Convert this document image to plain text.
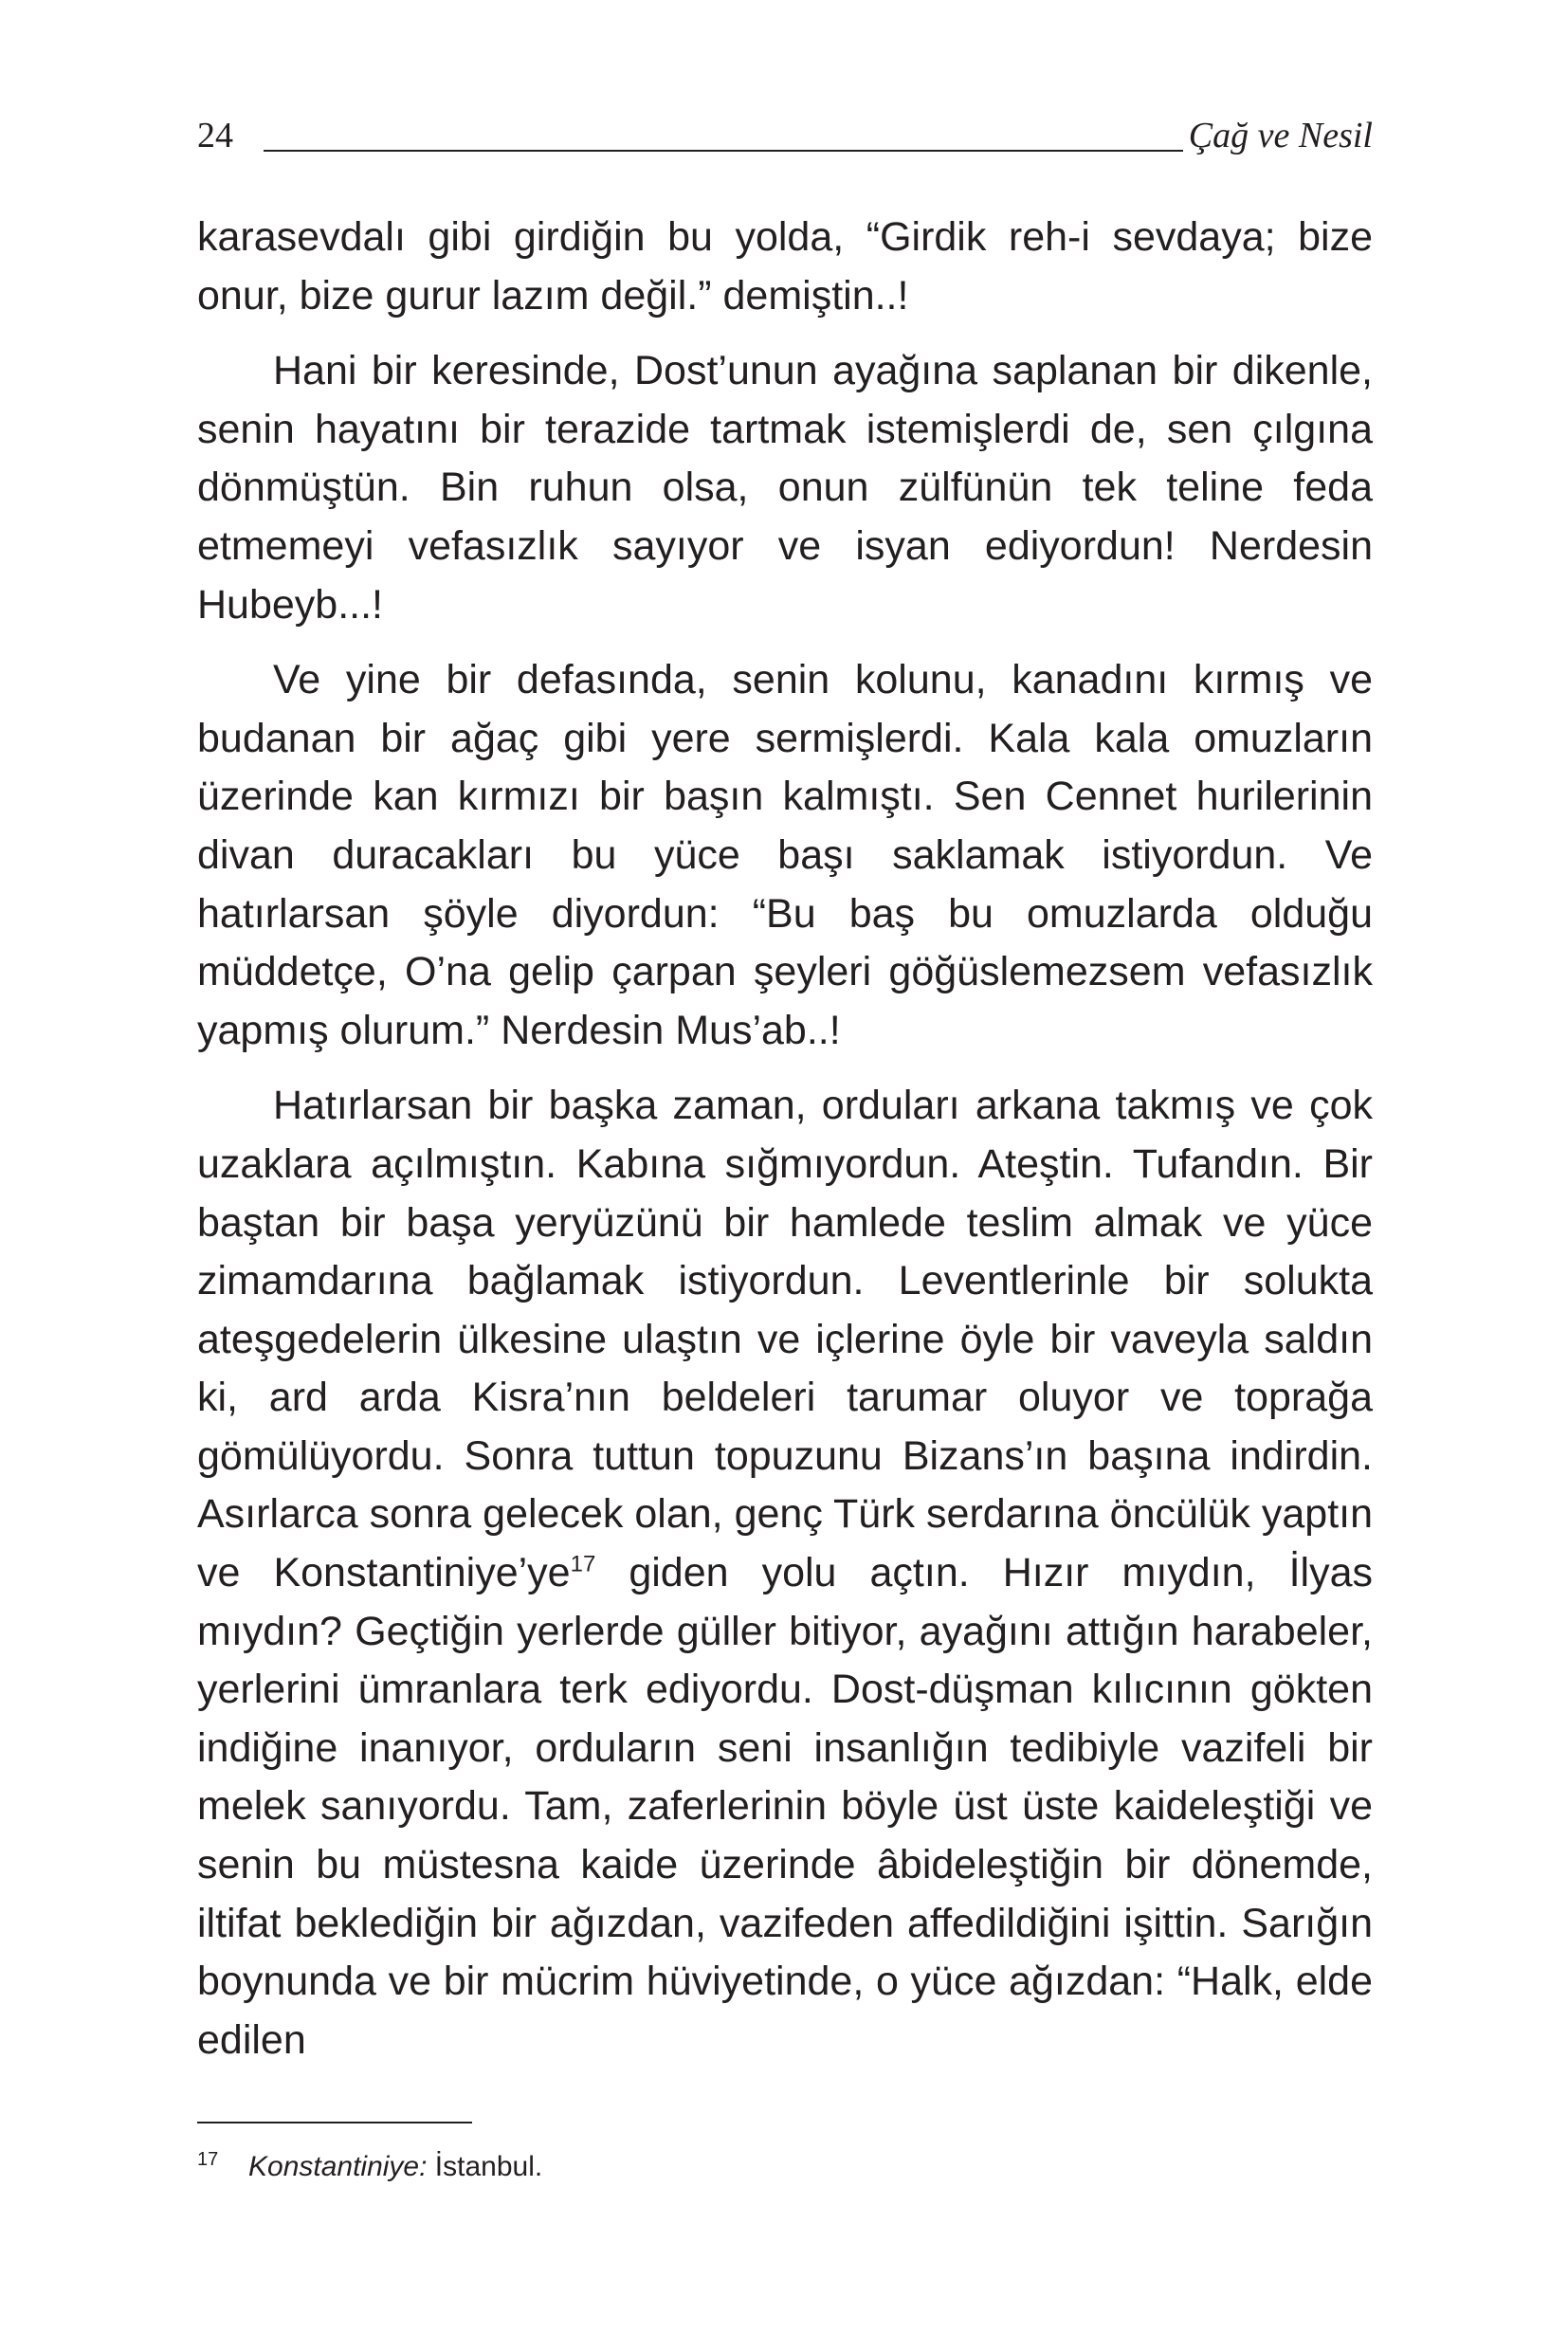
24	Çağ ve Nesil

karasevdalı gibi girdiğin bu yolda, “Girdik reh-i sevdaya; bize onur, bize gurur lazım değil.” demiştin..!

Hani bir keresinde, Dost’unun ayağına saplanan bir dikenle, senin hayatını bir terazide tartmak istemişlerdi de, sen çılgına dönmüştün. Bin ruhun olsa, onun zülfünün tek teline feda etmemeyi vefasızlık sayıyor ve isyan ediyordun! Nerdesin Hubeyb...!

Ve yine bir defasında, senin kolunu, kanadını kırmış ve budanan bir ağaç gibi yere sermişlerdi. Kala kala omuzların üzerinde kan kırmızı bir başın kalmıştı. Sen Cennet hurilerinin divan duracakları bu yüce başı saklamak istiyordun. Ve hatırlarsan şöyle diyordun: “Bu baş bu omuzlarda olduğu müddetçe, O’na gelip çarpan şeyleri göğüslemezsem vefasızlık yapmış olurum.” Nerdesin Mus’ab..!

Hatırlarsan bir başka zaman, orduları arkana takmış ve çok uzaklara açılmıştın. Kabına sığmıyordun. Ateştin. Tufandın. Bir baştan bir başa yeryüzünü bir hamlede teslim almak ve yüce zimamdarına bağlamak istiyordun. Leventlerinle bir solukta ateşgedelerin ülkesine ulaştın ve içlerine öyle bir vaveyla saldın ki, ard arda Kisra’nın beldeleri tarumar oluyor ve toprağa gömülüyordu. Sonra tuttun topuzunu Bizans’ın başına indirdin. Asırlarca sonra gelecek olan, genç Türk serdarına öncülük yaptın ve Konstantiniye’ye$^{17}$ giden yolu açtın. Hızır mıydın, İlyas mıydın? Geçtiğin yerlerde güller bitiyor, ayağını attığın harabeler, yerlerini ümranlara terk ediyordu. Dost-düşman kılıcının gökten indiğine inanıyor, orduların seni insanlığın tedibiyle vazifeli bir melek sanıyordu. Tam, zaferlerinin böyle üst üste kaideleştiği ve senin bu müstesna kaide üzerinde âbideleştiğin bir dönemde, iltifat beklediğin bir ağızdan, vazifeden affedildiğini işittin. Sarığın boynunda ve bir mücrim hüviyetinde, o yüce ağızdan: “Halk, elde edilen

17 Konstantiniye: İstanbul.
